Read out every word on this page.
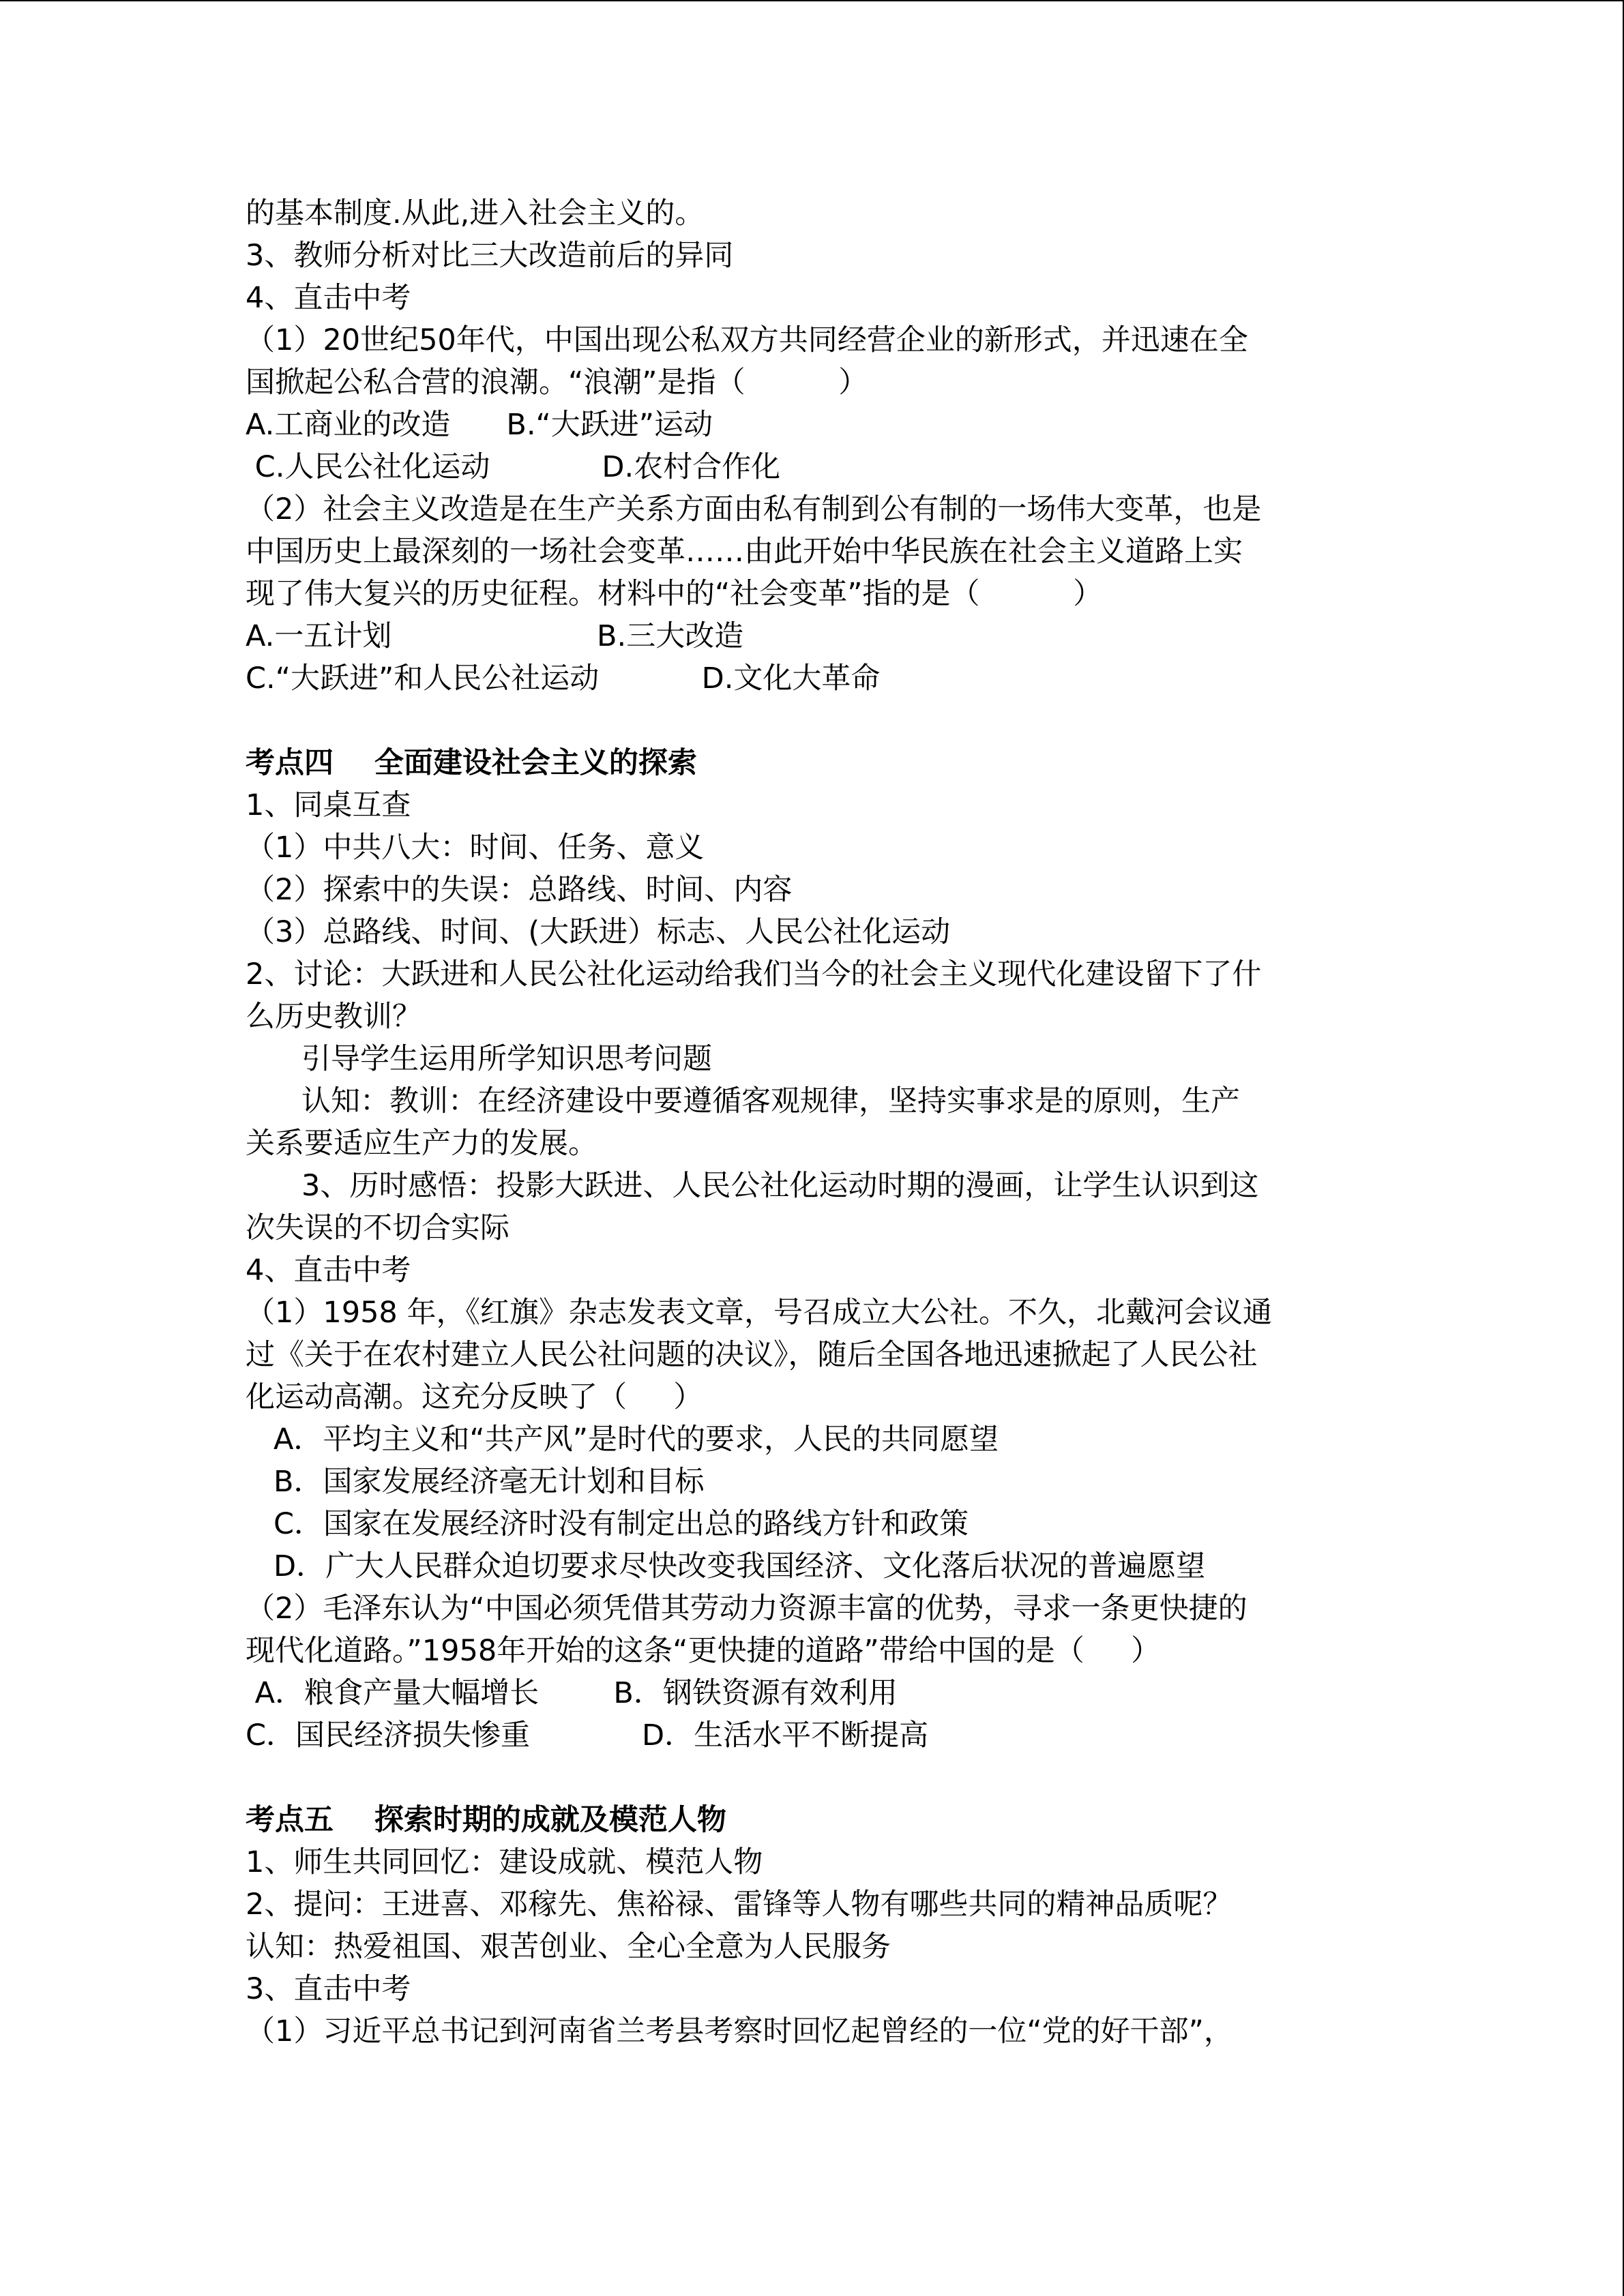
的基本制度.从此,进入社会主义的。
3、教师分析对比三大改造前后的异同
4、直击中考
（1）20世纪50年代，中国出现公私双方共同经营企业的新形式，并迅速在全
国掀起公私合营的浪潮。“浪潮”是指（          ）
A.工商业的改造      B.“大跃进”运动
C.人民公社化运动            D.农村合作化
（2）社会主义改造是在生产关系方面由私有制到公有制的一场伟大变革，也是
中国历史上最深刻的一场社会变革……由此开始中华民族在社会主义道路上实
现了伟大复兴的历史征程。材料中的“社会变革”指的是（          ）
A.一五计划                      B.三大改造
C.“大跃进”和人民公社运动           D.文化大革命
考点四    全面建设社会主义的探索
1、同桌互查
（1）中共八大：时间、任务、意义
（2）探索中的失误：总路线、时间、内容
（3）总路线、时间、(大跃进）标志、人民公社化运动
2、讨论：大跃进和人民公社化运动给我们当今的社会主义现代化建设留下了什
么历史教训？
引导学生运用所学知识思考问题
认知：教训：在经济建设中要遵循客观规律，坚持实事求是的原则，生产
关系要适应生产力的发展。
3、历时感悟：投影大跃进、人民公社化运动时期的漫画，让学生认识到这
次失误的不切合实际
4、直击中考
（1）1958 年，《红旗》杂志发表文章，号召成立大公社。不久，北戴河会议通
过《关于在农村建立人民公社问题的决议》，随后全国各地迅速掀起了人民公社
化运动高潮。这充分反映了（     ）
A．平均主义和“共产风”是时代的要求，人民的共同愿望
B．国家发展经济毫无计划和目标
C．国家在发展经济时没有制定出总的路线方针和政策
D．广大人民群众迫切要求尽快改变我国经济、文化落后状况的普遍愿望
（2）毛泽东认为“中国必须凭借其劳动力资源丰富的优势，寻求一条更快捷的
现代化道路。”1958年开始的这条“更快捷的道路”带给中国的是（     ）
A．粮食产量大幅增长        B．钢铁资源有效利用
C．国民经济损失惨重            D．生活水平不断提高
考点五    探索时期的成就及模范人物
1、师生共同回忆：建设成就、模范人物
2、提问：王进喜、邓稼先、焦裕禄、雷锋等人物有哪些共同的精神品质呢？
认知：热爱祖国、艰苦创业、全心全意为人民服务
3、直击中考
（1）习近平总书记到河南省兰考县考察时回忆起曾经的一位“党的好干部”，
